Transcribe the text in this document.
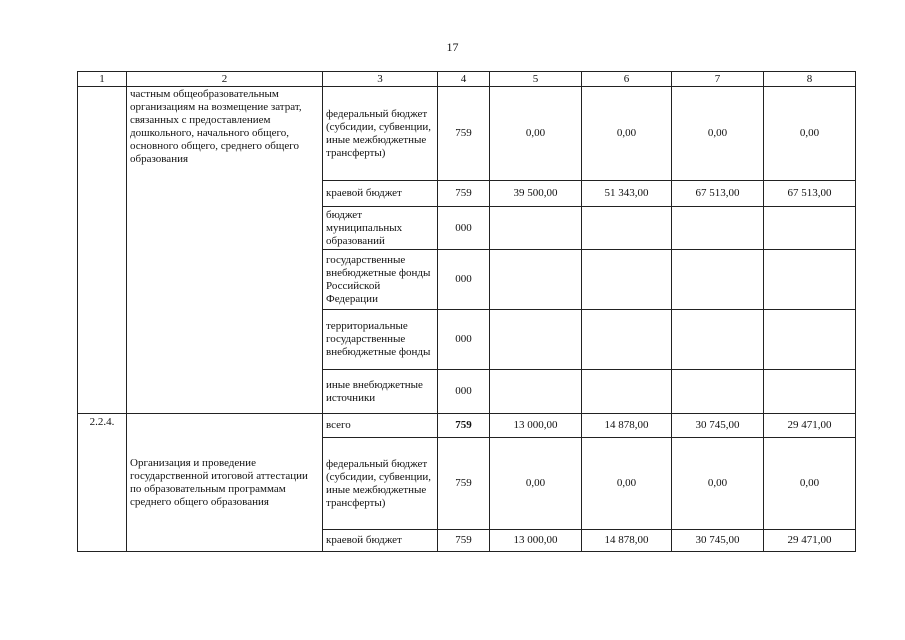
17
1	2	3	4	5	6	7	8
	частным общеобразовательным организациям на возмещение затрат, связанных с предоставлением дошкольного, начального общего, основного общего, среднего общего образования	федеральный бюджет (субсидии, субвенции, иные межбюджетные трансферты)	759	0,00	0,00	0,00	0,00
		краевой бюджет	759	39 500,00	51 343,00	67 513,00	67 513,00
		бюджет муниципальных образований	000				
		государственные внебюджетные фонды Российской Федерации	000				
		территориальные государственные внебюджетные фонды	000				
		иные внебюджетные источники	000				
2.2.4.	Организация и проведение государственной итоговой аттестации по образовательным программам среднего общего образования	всего	759	13 000,00	14 878,00	30 745,00	29 471,00
		федеральный бюджет (субсидии, субвенции, иные межбюджетные трансферты)	759	0,00	0,00	0,00	0,00
		краевой бюджет	759	13 000,00	14 878,00	30 745,00	29 471,00
